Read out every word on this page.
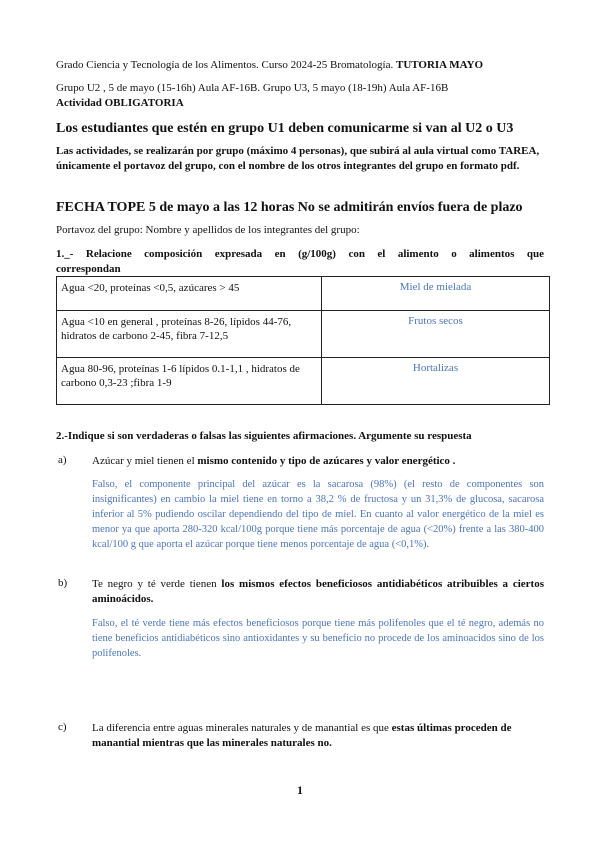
Grado Ciencia y Tecnología de los Alimentos. Curso 2024-25 Bromatología. TUTORIA MAYO
Grupo U2 , 5 de mayo (15-16h) Aula AF-16B. Grupo U3, 5 mayo (18-19h) Aula AF-16B
Actividad OBLIGATORIA
Los estudiantes que estén en grupo U1 deben comunicarme si van al U2 o U3
Las actividades, se realizarán por grupo (máximo 4 personas), que subirá al aula virtual como TAREA, únicamente el portavoz del grupo, con el nombre de los otros integrantes del grupo en formato pdf.
FECHA TOPE 5 de mayo a las 12 horas No se admitirán envíos fuera de plazo
Portavoz del grupo: Nombre y apellidos de los integrantes del grupo:
1._- Relacione composición expresada en (g/100g) con el alimento o alimentos que
correspondan
Agua <20, proteínas <0,5, azúcares > 45	Miel de mielada
Agua <10 en general , proteínas 8-26, lípidos 44-76, hidratos de carbono 2-45, fibra 7-12,5	Frutos secos
Agua 80-96, proteínas 1-6 lípidos 0.1-1,1 , hidratos de carbono 0,3-23 ;fibra 1-9	Hortalizas
2.-Indique si son verdaderas o falsas las siguientes afirmaciones. Argumente su respuesta
a) Azúcar y miel tienen el mismo contenido y tipo de azúcares y valor energético .
Falso, el componente principal del azúcar es la sacarosa (98%) (el resto de componentes son insignificantes) en cambio la miel tiene en torno a 38,2 % de fructosa y un 31,3% de glucosa, sacarosa inferior al 5% pudiendo oscilar dependiendo del tipo de miel. En cuanto al valor energético de la miel es menor ya que aporta 280-320 kcal/100g porque tiene más porcentaje de agua (<20%) frente a las 380-400 kcal/100 g que aporta el azúcar porque tiene menos porcentaje de agua (<0,1%).
b) Te negro y té verde tienen los mismos efectos beneficiosos antidiabéticos atribuibles a ciertos aminoácidos.
Falso, el té verde tiene más efectos beneficiosos porque tiene más polifenoles que el té negro, además no tiene beneficios antidiabéticos sino antioxidantes y su beneficio no procede de los aminoacidos sino de los polifenoles.
c) La diferencia entre aguas minerales naturales y de manantial es que estas últimas proceden de manantial mientras que las minerales naturales no.
1
